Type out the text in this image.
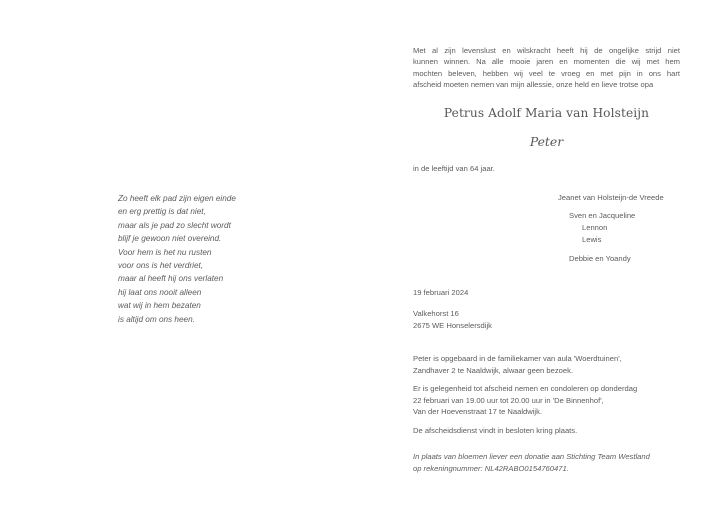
Zo heeft elk pad zijn eigen einde
en erg prettig is dat niet,
maar als je pad zo slecht wordt
blijf je gewoon niet overeind.
Voor hem is het nu rusten
voor ons is het verdriet,
maar al heeft hij ons verlaten
hij laat ons nooit alleen
wat wij in hem bezaten
is altijd om ons heen.
Met al zijn levenslust en wilskracht heeft hij de ongelijke strijd niet
kunnen winnen. Na alle mooie jaren en momenten die wij met hem
mochten beleven, hebben wij veel te vroeg en met pijn in ons hart
afscheid moeten nemen van mijn allessie, onze held en lieve trotse opa
Petrus Adolf Maria van Holsteijn
Peter
in de leeftijd van 64 jaar.
Jeanet van Holsteijn-de Vreede
Sven en Jacqueline
Lennon
Lewis
Debbie en Yoandy
19 februari 2024
Valkehorst 16
2675 WE Honselersdijk
Peter is opgebaard in de familiekamer van aula 'Woerdtuinen',
Zandhaver 2 te Naaldwijk, alwaar geen bezoek.
Er is gelegenheid tot afscheid nemen en condoleren op donderdag
22 februari van 19.00 uur tot 20.00 uur in 'De Binnenhof',
Van der Hoevenstraat 17 te Naaldwijk.
De afscheidsdienst vindt in besloten kring plaats.
In plaats van bloemen liever een donatie aan Stichting Team Westland
op rekeningnummer: NL42RABO0154760471.
